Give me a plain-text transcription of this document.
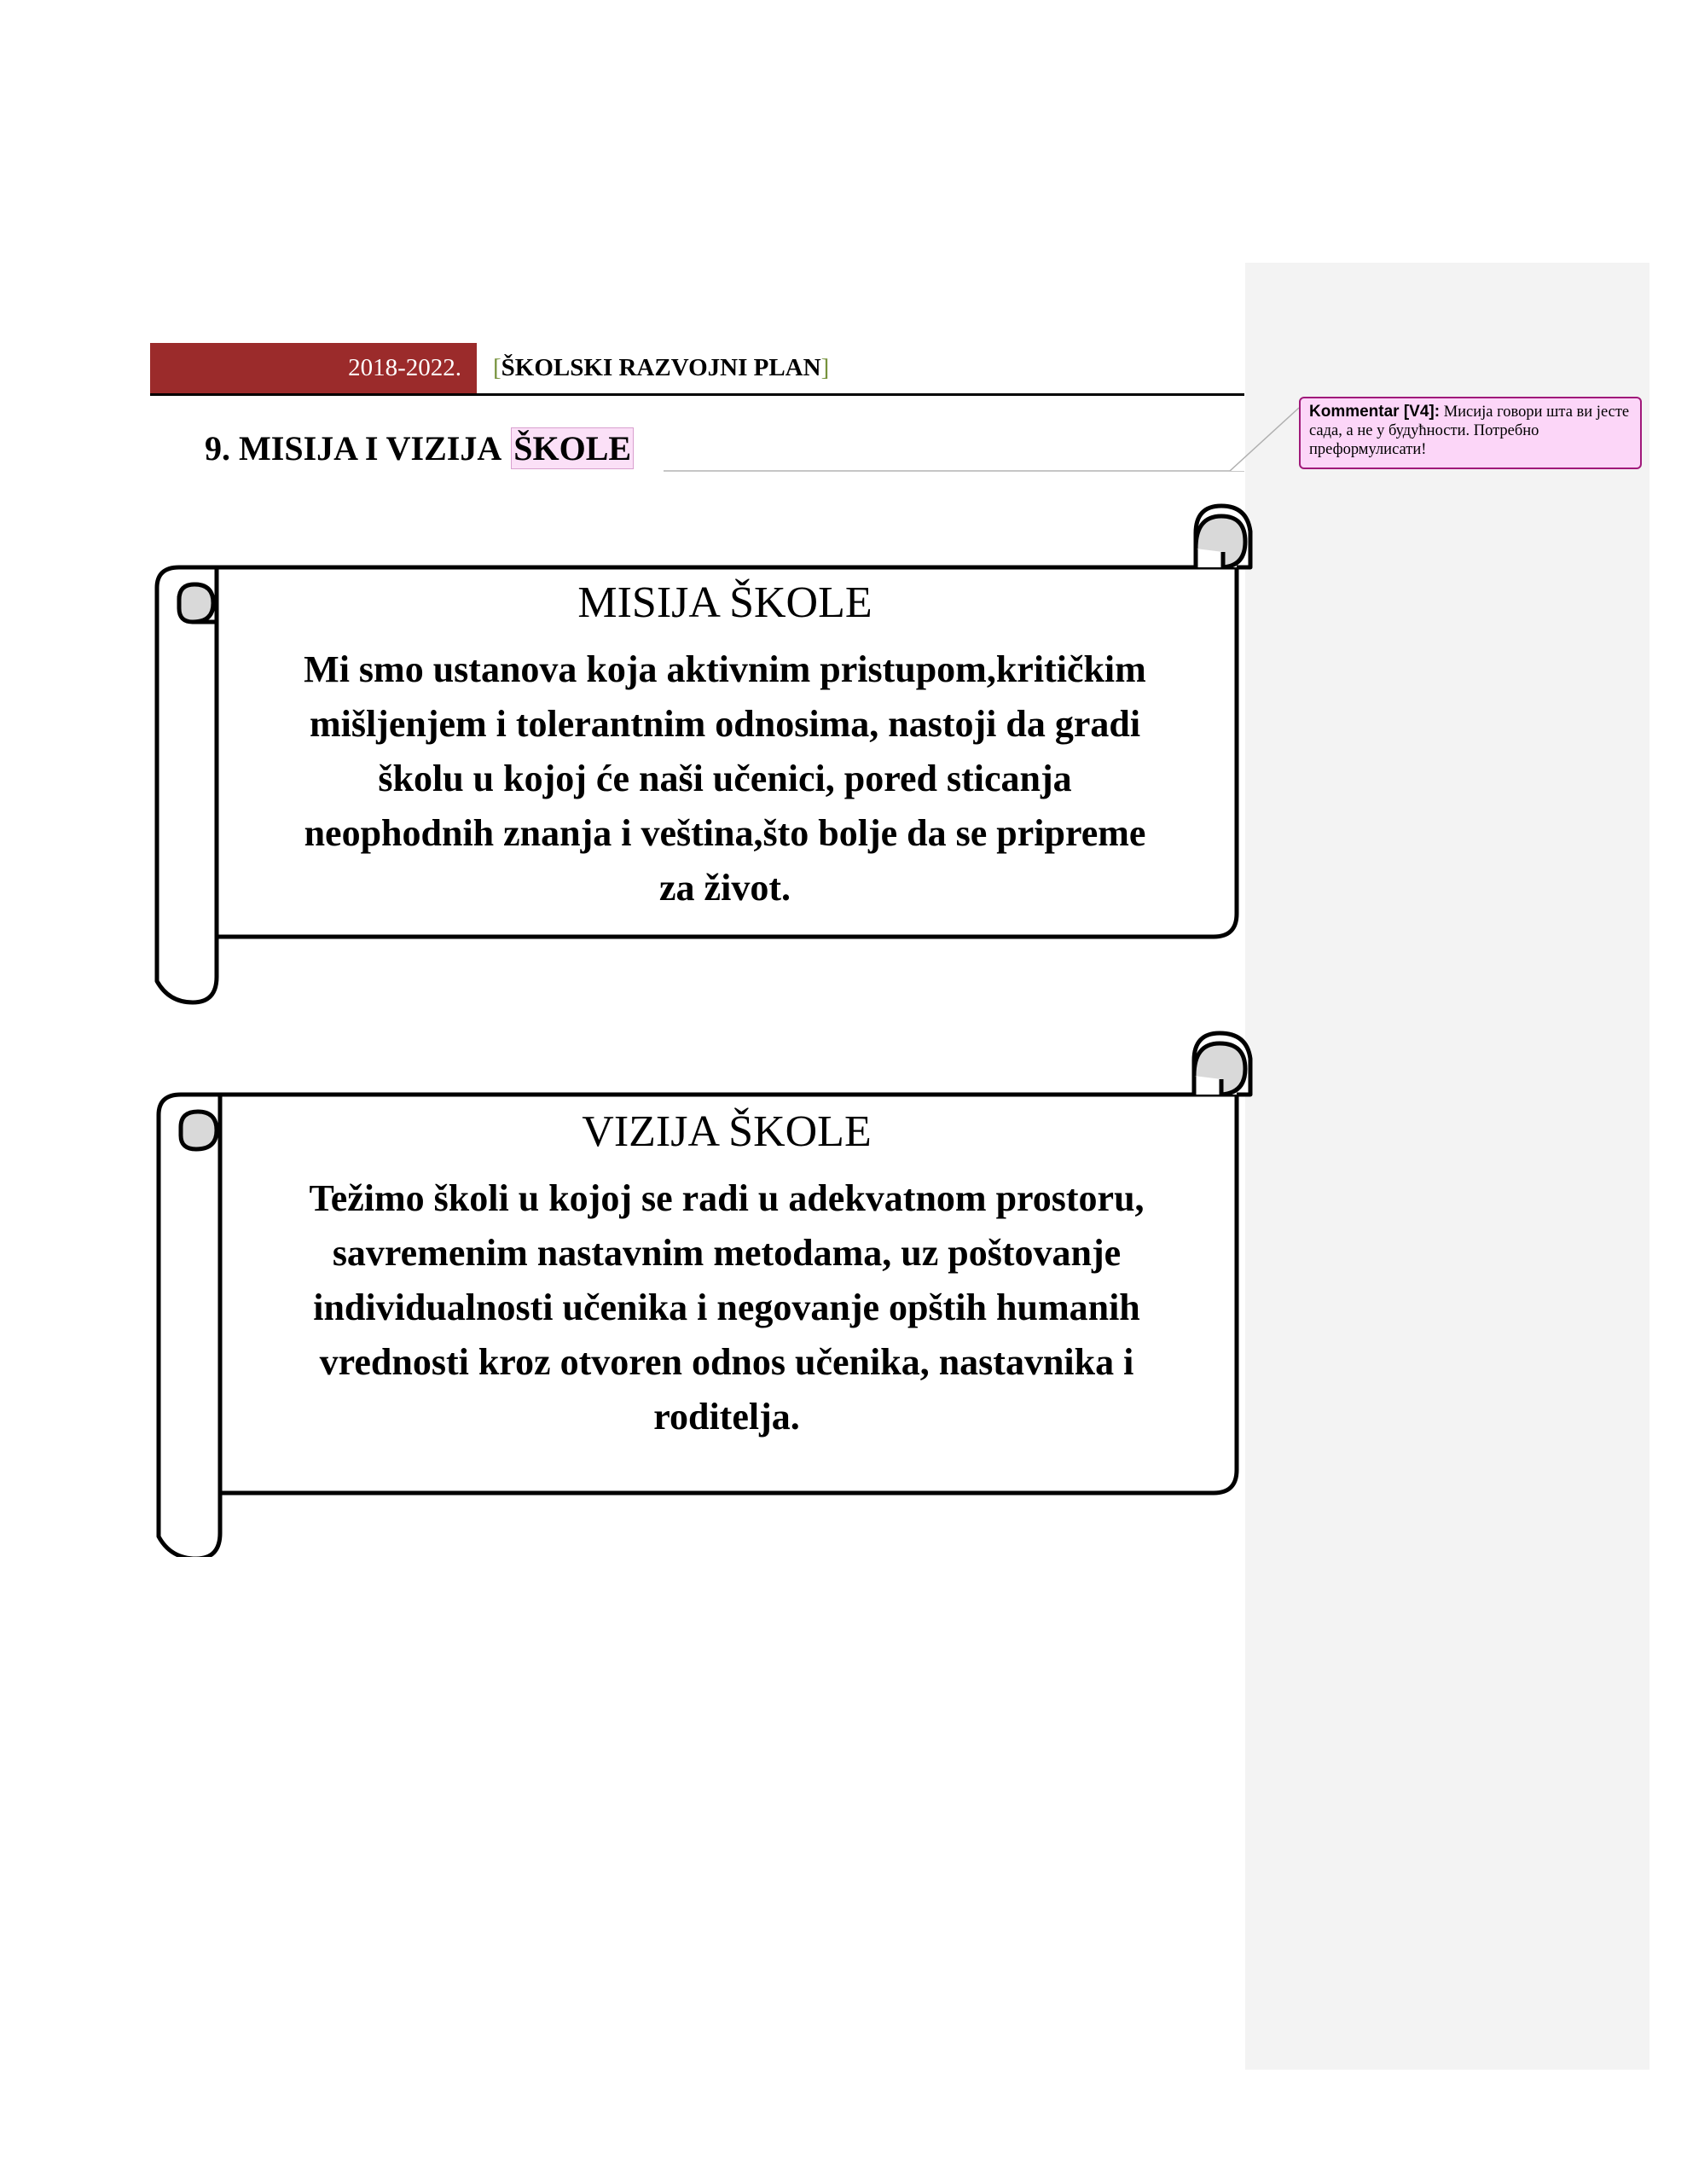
Kommentar [V4]: Мисија говори шта ви јесте сада, а не у будућности. Потребно преформулисати!
2018-2022. [ ŠKOLSKI RAZVOJNI PLAN ]
9. MISIJA I VIZIJA ŠKOLE
MISIJA ŠKOLE
Mi smo ustanova koja aktivnim pristupom,kritičkim
mišljenjem i tolerantnim odnosima, nastoji da gradi
školu u kojoj će naši učenici, pored sticanja
neophodnih znanja i veština,što bolje da se pripreme
za život.
VIZIJA ŠKOLE
Težimo školi u kojoj se radi u adekvatnom prostoru,
savremenim nastavnim metodama, uz poštovanje
individualnosti učenika i negovanje opštih humanih
vrednosti kroz otvoren odnos učenika, nastavnika i
roditelja.
